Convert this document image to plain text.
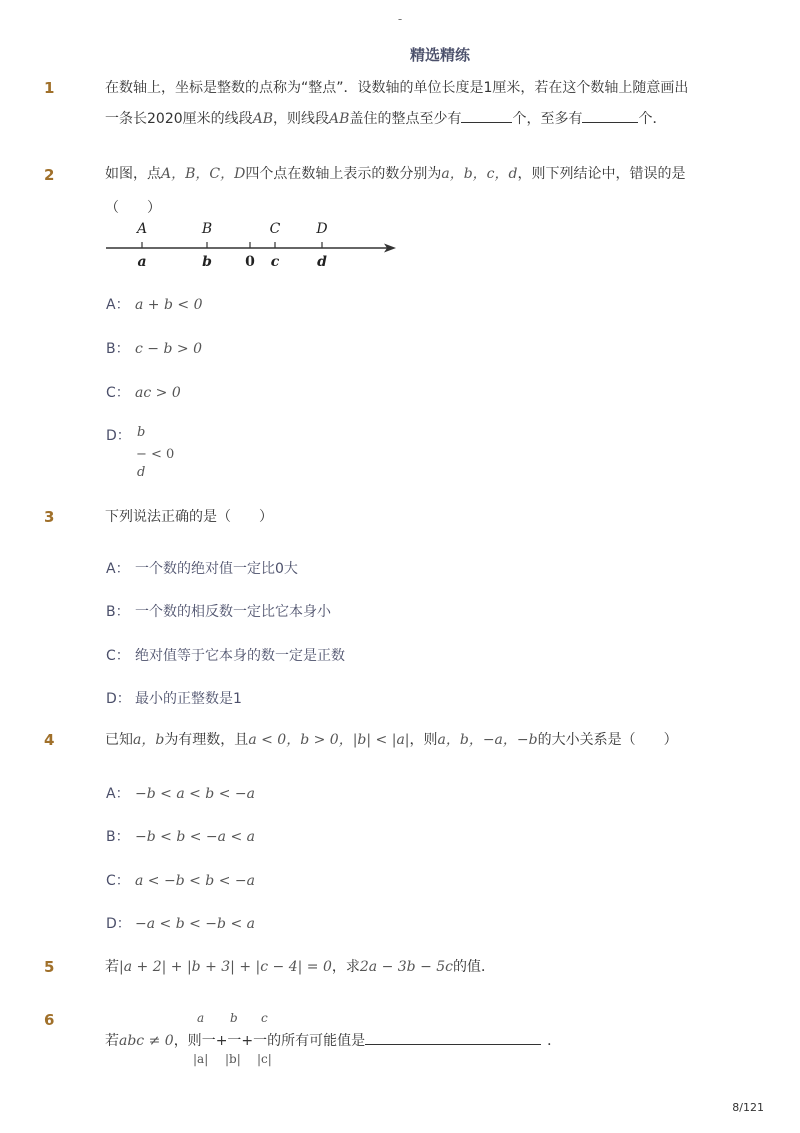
-
精选精练
1	在数轴上，坐标是整数的点称为“整点”．设数轴的单位长度是1厘米，若在这个数轴上随意画出
一条长2020厘米的线段AB，则线段AB盖住的整点至少有	个，至多有	个．
2	如图，点A，B，C，D四个点在数轴上表示的数分别为a，b，c，d，则下列结论中，错误的是
（　　）
A	B	C	D
a	b 0 c	d
A： a + b < 0
B： c − b > 0
C： ac > 0
D： b
− < 0
d
3	下列说法正确的是（　　）
A： 一个数的绝对值一定比0大
B： 一个数的相反数一定比它本身小
C： 绝对值等于它本身的数一定是正数
D： 最小的正整数是1
4	已知a，b为有理数，且a < 0，b > 0，|b| < |a|，则a，b，−a，−b的大小关系是（　　）
A： −b < a < b < −a
B： −b < b < −a < a
C： a < −b < b < −a
D： −a < b < −b < a
5	若|a + 2| + |b + 3| + |c − 4| = 0，求2a − 3b − 5c的值．
6	a b c
若abc ≠ 0，则一+一+一的所有可能值是	．
|a| |b| |c|
8/121
